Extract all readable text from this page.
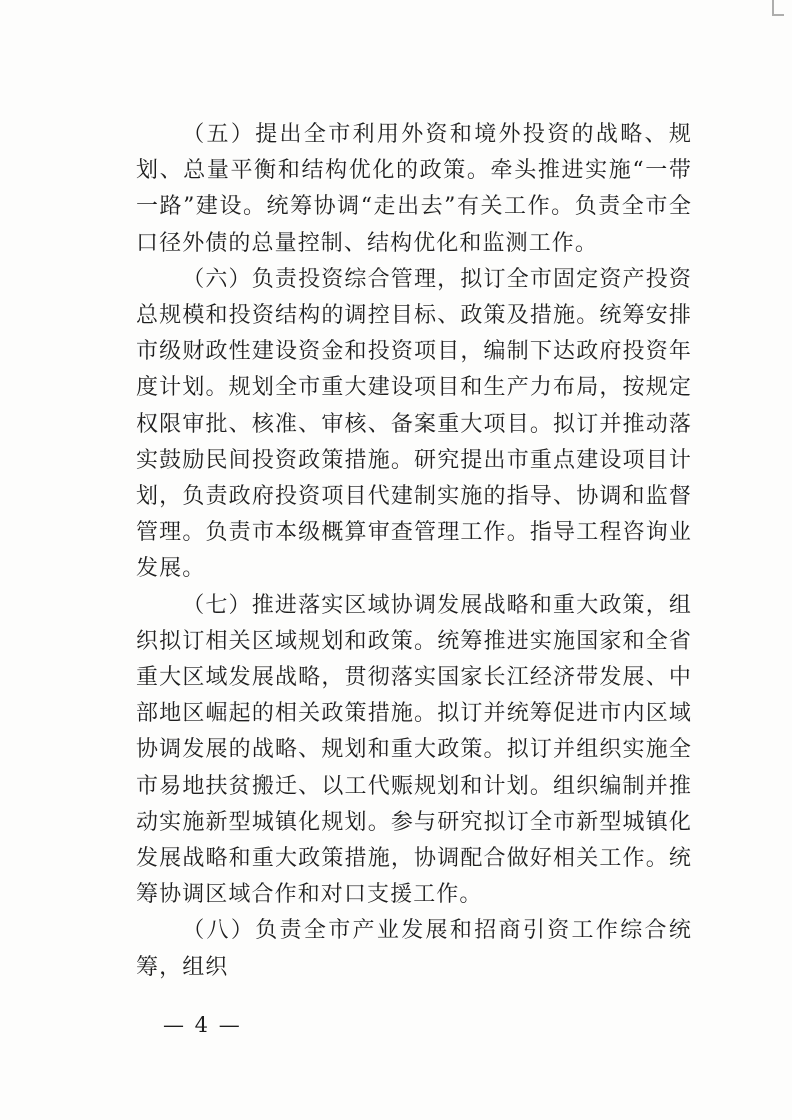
（五）提出全市利用外资和境外投资的战略、规划、总量平衡和结构优化的政策。牵头推进实施“一带一路”建设。统筹协调“走出去”有关工作。负责全市全口径外债的总量控制、结构优化和监测工作。

（六）负责投资综合管理，拟订全市固定资产投资总规模和投资结构的调控目标、政策及措施。统筹安排市级财政性建设资金和投资项目，编制下达政府投资年度计划。规划全市重大建设项目和生产力布局，按规定权限审批、核准、审核、备案重大项目。拟订并推动落实鼓励民间投资政策措施。研究提出市重点建设项目计划，负责政府投资项目代建制实施的指导、协调和监督管理。负责市本级概算审查管理工作。指导工程咨询业发展。

（七）推进落实区域协调发展战略和重大政策，组织拟订相关区域规划和政策。统筹推进实施国家和全省重大区域发展战略，贯彻落实国家长江经济带发展、中部地区崛起的相关政策措施。拟订并统筹促进市内区域协调发展的战略、规划和重大政策。拟订并组织实施全市易地扶贫搬迁、以工代赈规划和计划。组织编制并推动实施新型城镇化规划。参与研究拟订全市新型城镇化发展战略和重大政策措施，协调配合做好相关工作。统筹协调区域合作和对口支援工作。

（八）负责全市产业发展和招商引资工作综合统筹，组织

— 4 —
